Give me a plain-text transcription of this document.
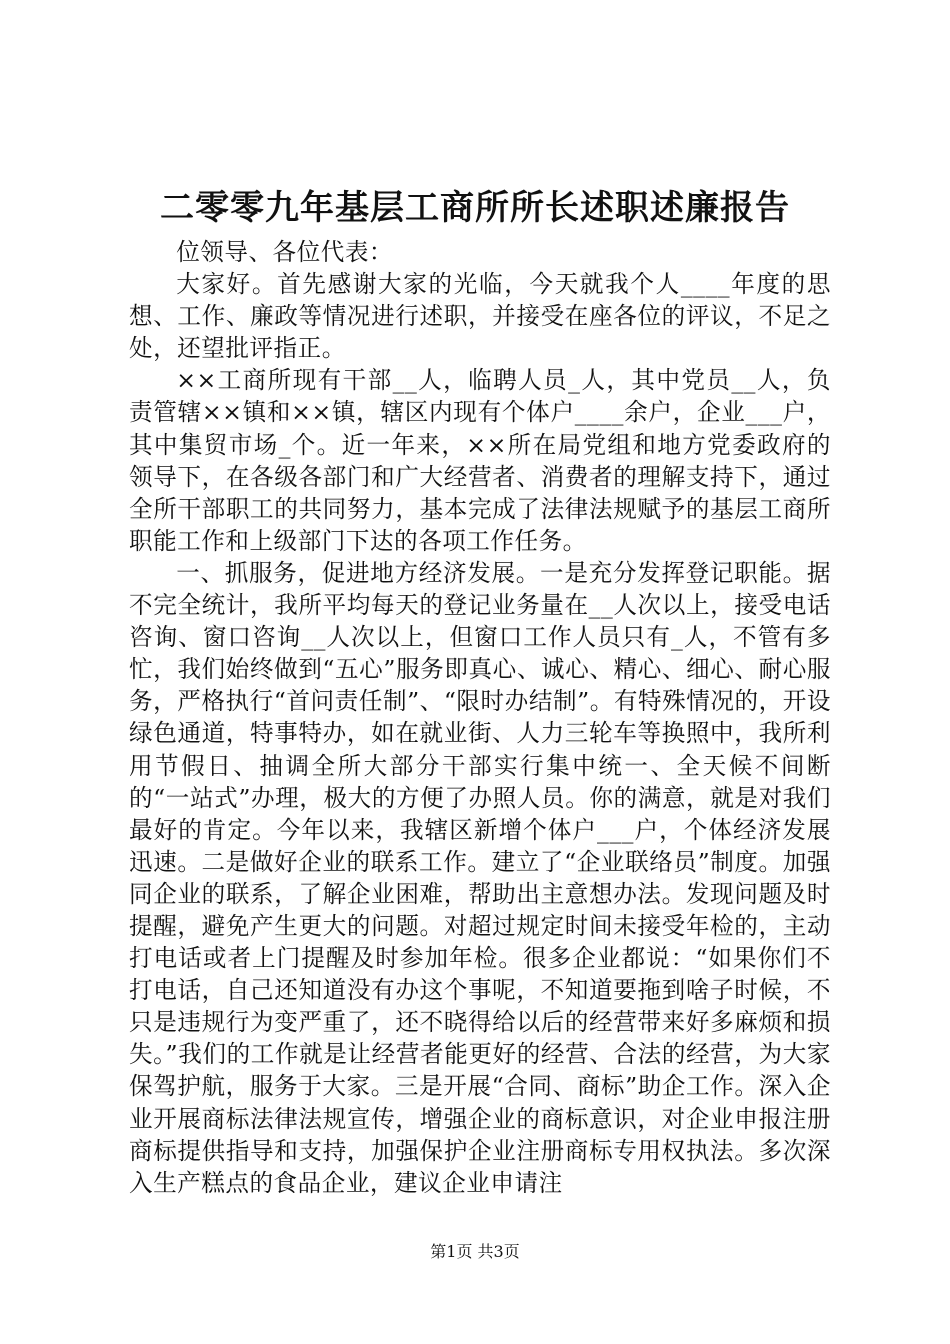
二零零九年基层工商所所长述职述廉报告

位领导、各位代表：

大家好。首先感谢大家的光临，今天就我个人____年度的思想、工作、廉政等情况进行述职，并接受在座各位的评议，不足之处，还望批评指正。

××工商所现有干部__人，临聘人员_人，其中党员__人，负责管辖××镇和××镇，辖区内现有个体户____余户，企业___户，其中集贸市场_个。近一年来，××所在局党组和地方党委政府的领导下，在各级各部门和广大经营者、消费者的理解支持下，通过全所干部职工的共同努力，基本完成了法律法规赋予的基层工商所职能工作和上级部门下达的各项工作任务。

一、抓服务，促进地方经济发展。一是充分发挥登记职能。据不完全统计，我所平均每天的登记业务量在__人次以上，接受电话咨询、窗口咨询__人次以上，但窗口工作人员只有_人，不管有多忙，我们始终做到“五心”服务即真心、诚心、精心、细心、耐心服务，严格执行“首问责任制”、“限时办结制”。有特殊情况的，开设绿色通道，特事特办，如在就业街、人力三轮车等换照中，我所利用节假日、抽调全所大部分干部实行集中统一、全天候不间断的“一站式”办理，极大的方便了办照人员。你的满意，就是对我们最好的肯定。今年以来，我辖区新增个体户___户，个体经济发展迅速。二是做好企业的联系工作。建立了“企业联络员”制度。加强同企业的联系，了解企业困难，帮助出主意想办法。发现问题及时提醒，避免产生更大的问题。对超过规定时间未接受年检的，主动打电话或者上门提醒及时参加年检。很多企业都说：“如果你们不打电话，自己还知道没有办这个事呢，不知道要拖到啥子时候，不只是违规行为变严重了，还不晓得给以后的经营带来好多麻烦和损失。”我们的工作就是让经营者能更好的经营、合法的经营，为大家保驾护航，服务于大家。三是开展“合同、商标”助企工作。深入企业开展商标法律法规宣传，增强企业的商标意识，对企业申报注册商标提供指导和支持，加强保护企业注册商标专用权执法。多次深入生产糕点的食品企业，建议企业申请注

第1页 共3页
